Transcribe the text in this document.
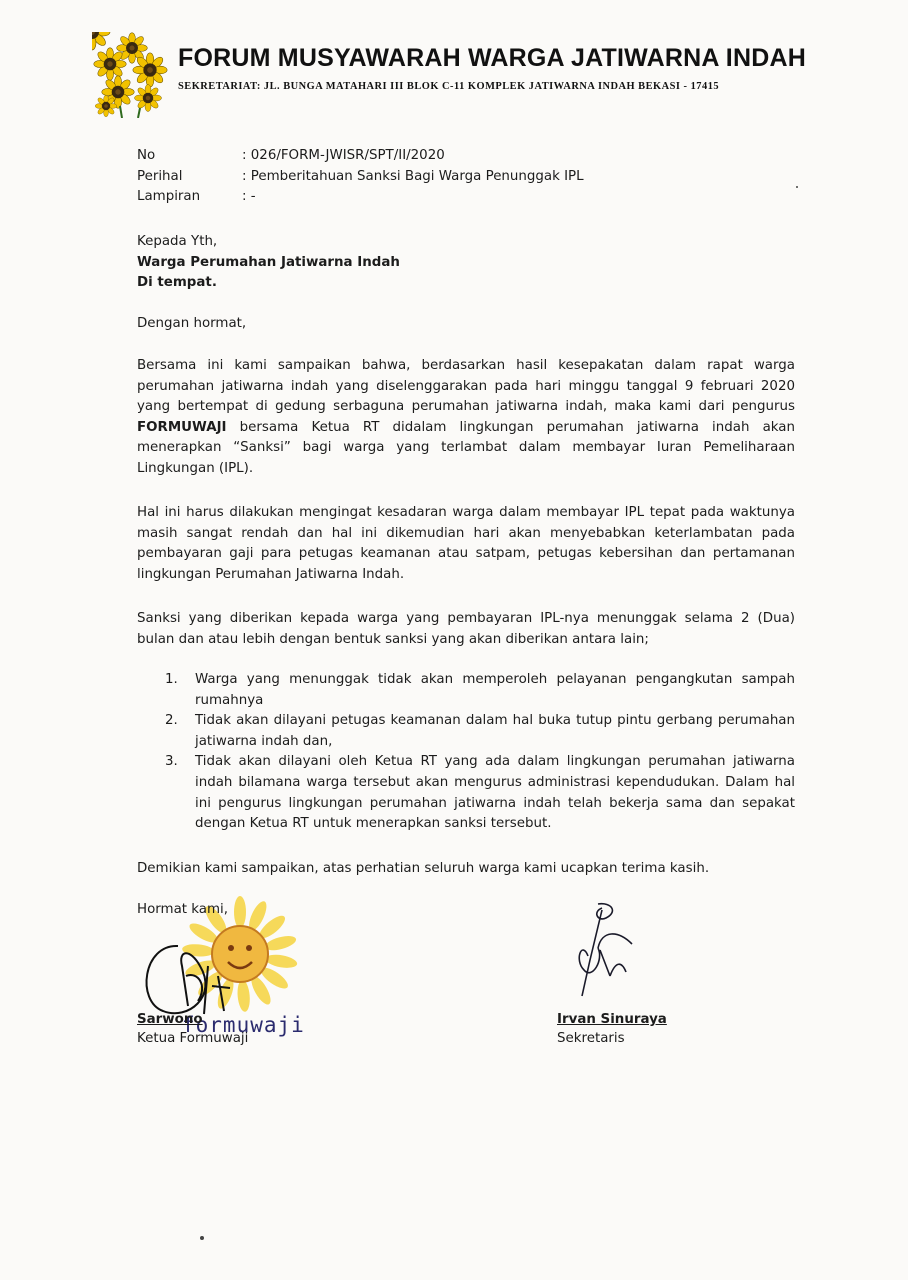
FORUM MUSYAWARAH WARGA JATIWARNA INDAH
SEKRETARIAT: JL. BUNGA MATAHARI III BLOK C-11 KOMPLEK JATIWARNA INDAH BEKASI - 17415
No	: 026/FORM-JWISR/SPT/II/2020
Perihal	: Pemberitahuan Sanksi Bagi Warga Penunggak IPL
Lampiran	: -
Kepada Yth,
Warga Perumahan Jatiwarna Indah
Di tempat.
Dengan hormat,
Bersama ini kami sampaikan bahwa, berdasarkan hasil kesepakatan dalam rapat warga perumahan jatiwarna indah yang diselenggarakan pada hari minggu tanggal 9 februari 2020 yang bertempat di gedung serbaguna perumahan jatiwarna indah, maka kami dari pengurus FORMUWAJI bersama Ketua RT didalam lingkungan perumahan jatiwarna indah akan menerapkan “Sanksi” bagi warga yang terlambat dalam membayar Iuran Pemeliharaan Lingkungan (IPL).
Hal ini harus dilakukan mengingat kesadaran warga dalam membayar IPL tepat pada waktunya masih sangat rendah dan hal ini dikemudian hari akan menyebabkan keterlambatan pada pembayaran gaji para petugas keamanan atau satpam, petugas kebersihan dan pertamanan lingkungan Perumahan Jatiwarna Indah.
Sanksi yang diberikan kepada warga yang pembayaran IPL-nya menunggak selama 2 (Dua) bulan dan atau lebih dengan bentuk sanksi yang akan diberikan antara lain;
1.	Warga yang menunggak tidak akan memperoleh pelayanan pengangkutan sampah rumahnya
2.	Tidak akan dilayani petugas keamanan dalam hal buka tutup pintu gerbang perumahan jatiwarna indah dan,
3.	Tidak akan dilayani oleh Ketua RT yang ada dalam lingkungan perumahan jatiwarna indah bilamana warga tersebut akan mengurus administrasi kependudukan. Dalam hal ini pengurus lingkungan perumahan jatiwarna indah telah bekerja sama dan sepakat dengan Ketua RT untuk menerapkan sanksi tersebut.
Demikian kami sampaikan, atas perhatian seluruh warga kami ucapkan terima kasih.
Hormat kami,
formuwaji
Sarwono
Ketua Formuwaji
Irvan Sinuraya
Sekretaris
